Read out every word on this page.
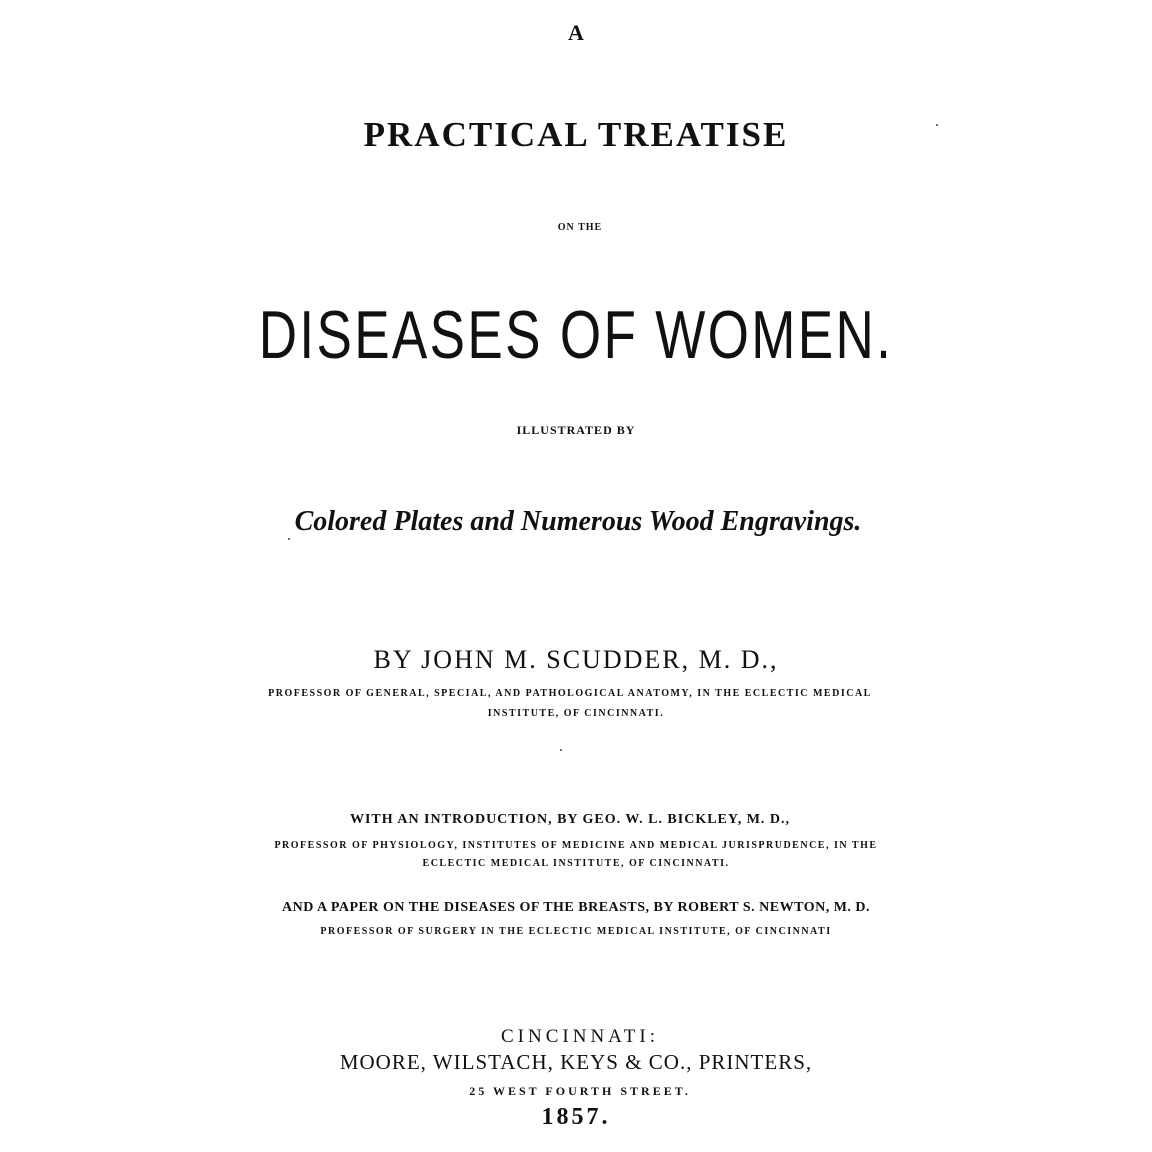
A
PRACTICAL TREATISE
ON THE
DISEASES OF WOMEN.
ILLUSTRATED BY
Colored Plates and Numerous Wood Engravings.
BY JOHN M. SCUDDER, M. D.,
PROFESSOR OF GENERAL, SPECIAL, AND PATHOLOGICAL ANATOMY, IN THE ECLECTIC MEDICAL
INSTITUTE, OF CINCINNATI.
WITH AN INTRODUCTION, BY GEO. W. L. BICKLEY, M. D.,
PROFESSOR OF PHYSIOLOGY, INSTITUTES OF MEDICINE AND MEDICAL JURISPRUDENCE, IN THE
ECLECTIC MEDICAL INSTITUTE, OF CINCINNATI.
AND A PAPER ON THE DISEASES OF THE BREASTS, BY ROBERT S. NEWTON, M. D.
PROFESSOR OF SURGERY IN THE ECLECTIC MEDICAL INSTITUTE, OF CINCINNATI
CINCINNATI:
MOORE, WILSTACH, KEYS & CO., PRINTERS,
25 WEST FOURTH STREET.
1857.
